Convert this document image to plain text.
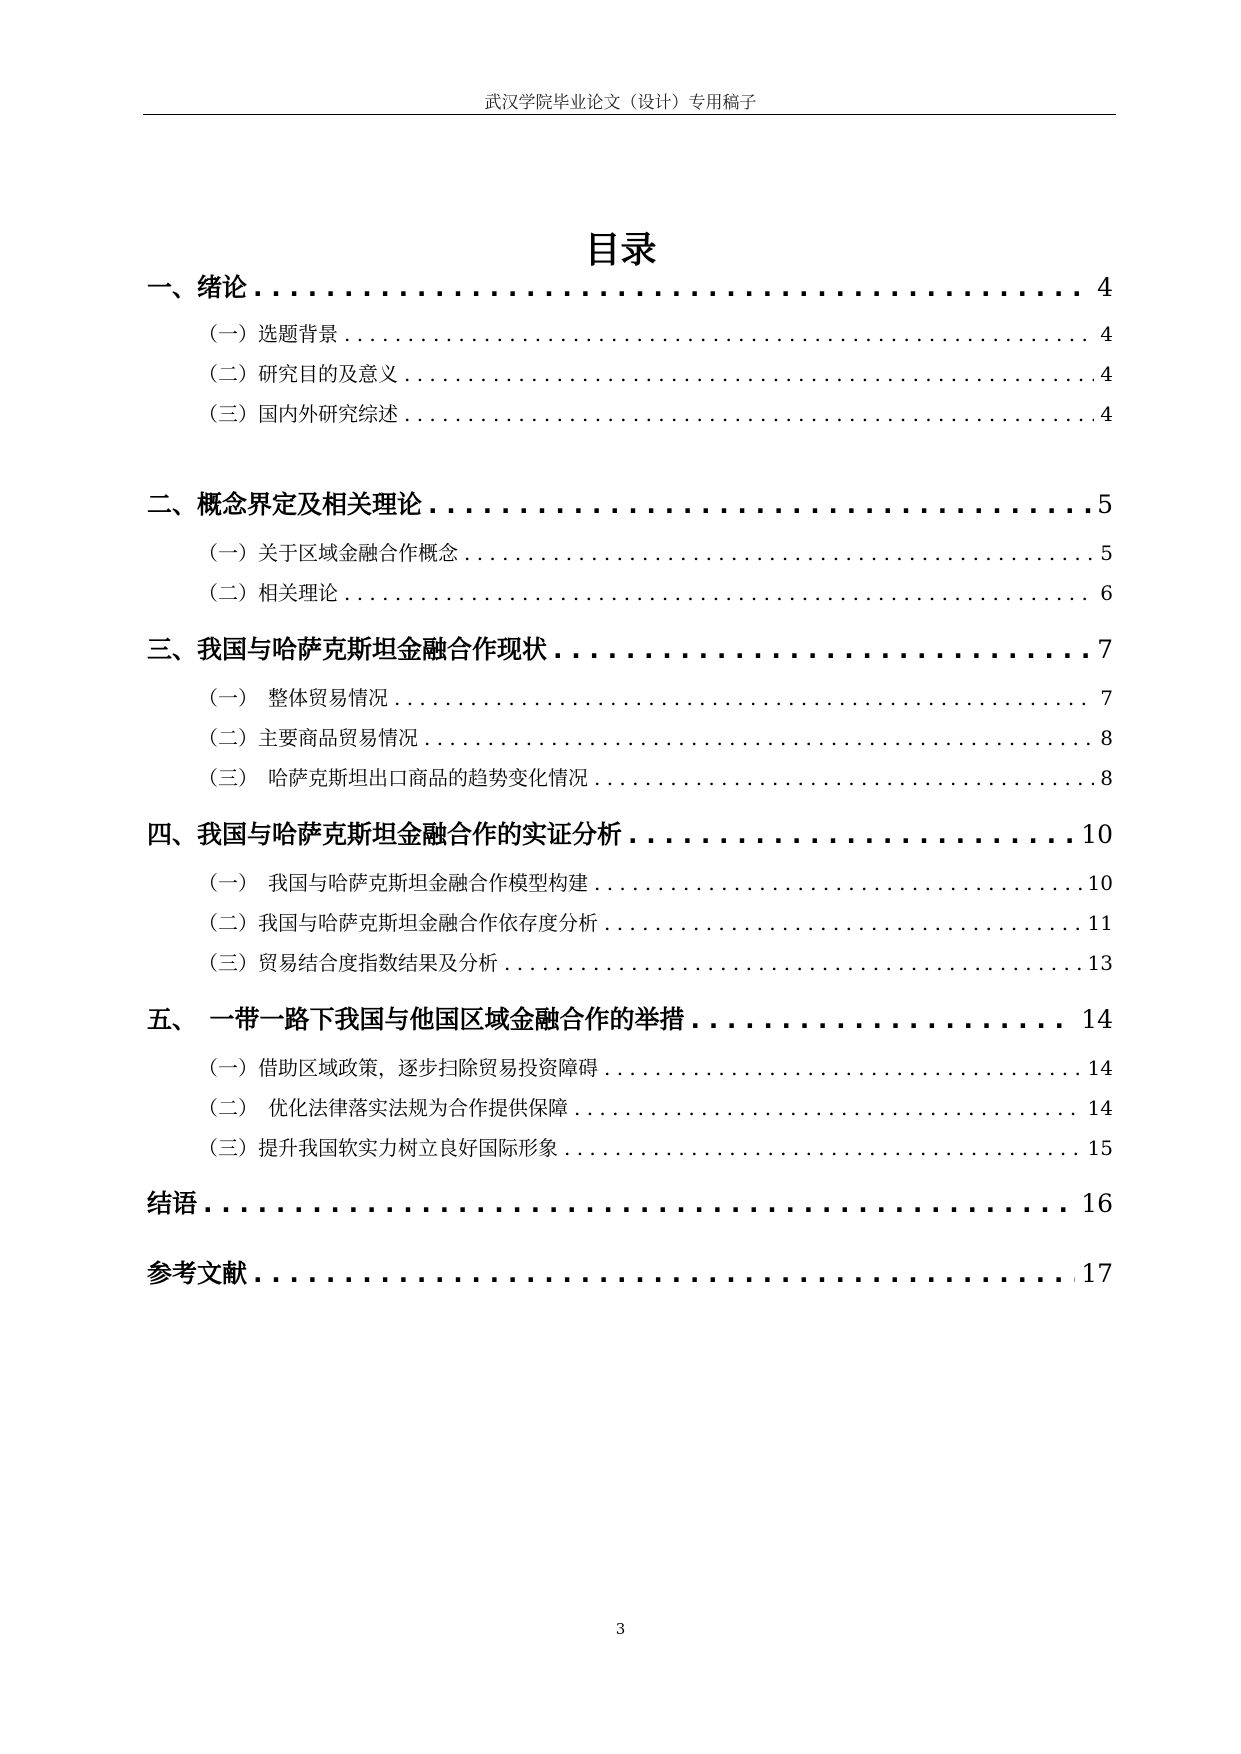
武汉学院毕业论文（设计）专用稿子
目录
一、绪论 . . .	4
（一）选题背景 . . .	4
（二）研究目的及意义 . . .	4
（三）国内外研究综述 . . .	4
二、概念界定及相关理论 . . .	5
（一）关于区域金融合作概念 . . .	5
（二）相关理论 . . .	6
三、我国与哈萨克斯坦金融合作现状 . . .	7
（一）　整体贸易情况 . . .	7
（二）主要商品贸易情况 . . .	8
（三）　哈萨克斯坦出口商品的趋势变化情况 . . .	8
四、我国与哈萨克斯坦金融合作的实证分析 . . .	10
（一）　我国与哈萨克斯坦金融合作模型构建 . . .	10
（二）我国与哈萨克斯坦金融合作依存度分析 . . .	11
（三）贸易结合度指数结果及分析 . . .	13
五、　一带一路下我国与他国区域金融合作的举措 . . .	14
（一）借助区域政策，逐步扫除贸易投资障碍 . . .	14
（二）　优化法律落实法规为合作提供保障 . . .	14
（三）提升我国软实力树立良好国际形象 . . .	15
结语 . . .	16
参考文献 . . .	17
3
